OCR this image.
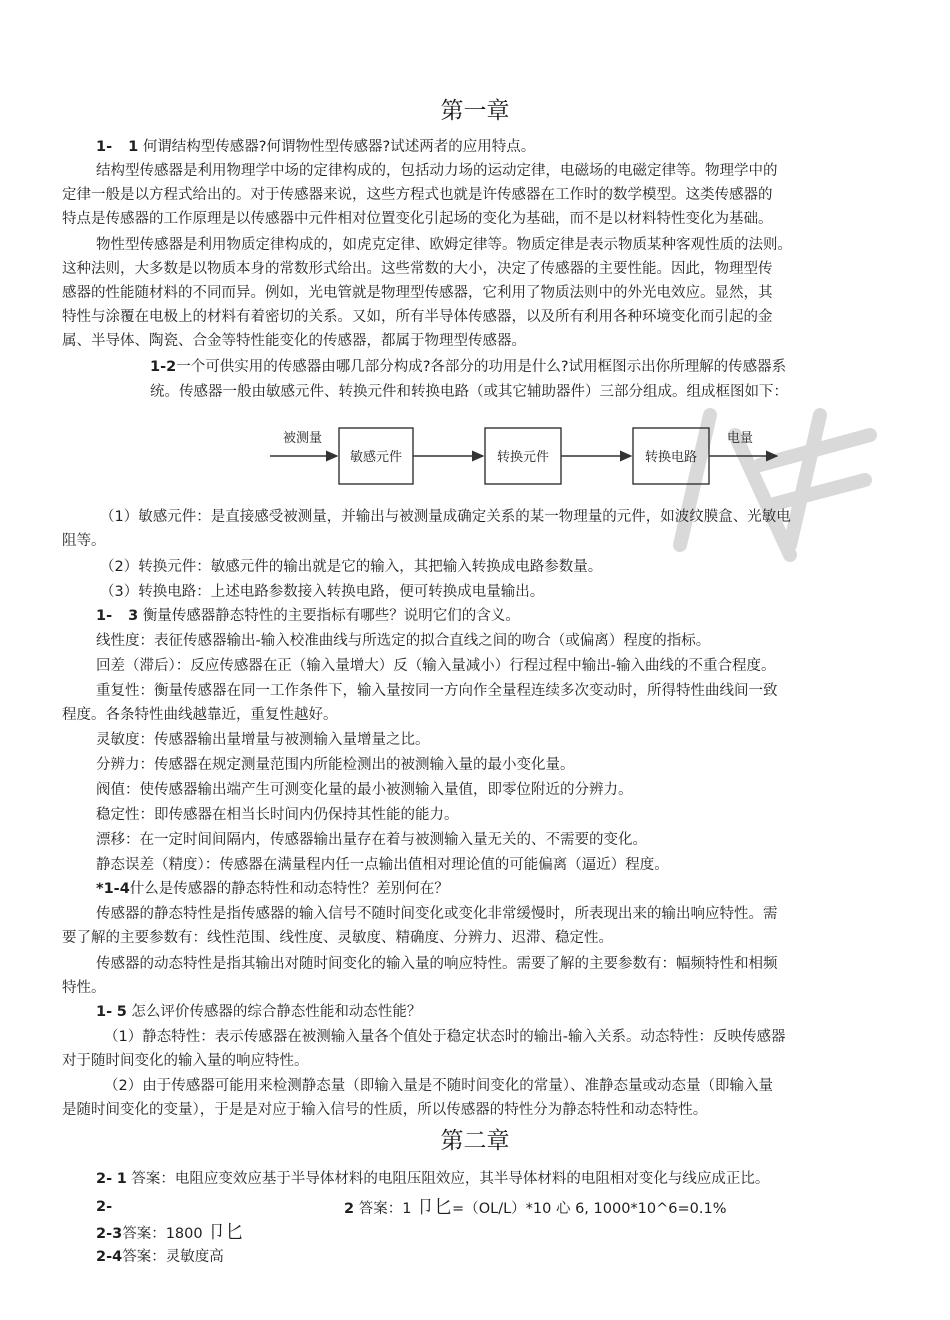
第一章
1- 1 何谓结构型传感器?何谓物性型传感器?试述两者的应用特点。
结构型传感器是利用物理学中场的定律构成的，包括动力场的运动定律，电磁场的电磁定律等。物理学中的
定律一般是以方程式给出的。对于传感器来说，这些方程式也就是许传感器在工作时的数学模型。这类传感器的
特点是传感器的工作原理是以传感器中元件相对位置变化引起场的变化为基础，而不是以材料特性变化为基础。
物性型传感器是利用物质定律构成的，如虎克定律、欧姆定律等。物质定律是表示物质某种客观性质的法则。
这种法则，大多数是以物质本身的常数形式给出。这些常数的大小，决定了传感器的主要性能。因此，物理型传
感器的性能随材料的不同而异。例如，光电管就是物理型传感器，它利用了物质法则中的外光电效应。显然，其
特性与涂覆在电极上的材料有着密切的关系。又如，所有半导体传感器，以及所有利用各种环境变化而引起的金
属、半导体、陶瓷、合金等特性能变化的传感器，都属于物理型传感器。
1-2一个可供实用的传感器由哪几部分构成?各部分的功用是什么?试用框图示出你所理解的传感器系
统。传感器一般由敏感元件、转换元件和转换电路（或其它辅助器件）三部分组成。组成框图如下：
被测量
敏感元件	转换元件	转换电路
电量
（1）敏感元件：是直接感受被测量，并输出与被测量成确定关系的某一物理量的元件，如波纹膜盒、光敏电
阻等。
（2）转换元件：敏感元件的输出就是它的输入，其把输入转换成电路参数量。
（3）转换电路：上述电路参数接入转换电路，便可转换成电量输出。
1- 3 衡量传感器静态特性的主要指标有哪些？说明它们的含义。
线性度：表征传感器输出-输入校准曲线与所选定的拟合直线之间的吻合（或偏离）程度的指标。
回差（滞后）：反应传感器在正（输入量增大）反（输入量减小）行程过程中输出-输入曲线的不重合程度。
重复性：衡量传感器在同一工作条件下，输入量按同一方向作全量程连续多次变动时，所得特性曲线间一致
程度。各条特性曲线越靠近，重复性越好。
灵敏度：传感器输出量增量与被测输入量增量之比。
分辨力：传感器在规定测量范围内所能检测出的被测输入量的最小变化量。
阀值：使传感器输出端产生可测变化量的最小被测输入量值，即零位附近的分辨力。
稳定性：即传感器在相当长时间内仍保持其性能的能力。
漂移：在一定时间间隔内，传感器输出量存在着与被测输入量无关的、不需要的变化。
静态误差（精度）：传感器在满量程内任一点输出值相对理论值的可能偏离（逼近）程度。
*1-4什么是传感器的静态特性和动态特性？差别何在？
传感器的静态特性是指传感器的输入信号不随时间变化或变化非常缓慢时，所表现出来的输出响应特性。需
要了解的主要参数有：线性范围、线性度、灵敏度、精确度、分辨力、迟滞、稳定性。
传感器的动态特性是指其输出对随时间变化的输入量的响应特性。需要了解的主要参数有：幅频特性和相频
特性。
1- 5 怎么评价传感器的综合静态性能和动态性能？
（1）静态特性：表示传感器在被测输入量各个值处于稳定状态时的输出-输入关系。动态特性：反映传感器
对于随时间变化的输入量的响应特性。
（2）由于传感器可能用来检测静态量（即输入量是不随时间变化的常量）、准静态量或动态量（即输入量
是随时间变化的变量），于是是对应于输入信号的性质，所以传感器的特性分为静态特性和动态特性。
第二章
2- 1 答案：电阻应变效应基于半导体材料的电阻压阻效应，其半导体材料的电阻相对变化与线应成正比。
2-	2 答案：1 卩匕=（OL/L）*10 心 6, 1000*10^6=0.1%
2-3答案：1800 卩匕
2-4答案：灵敏度高
